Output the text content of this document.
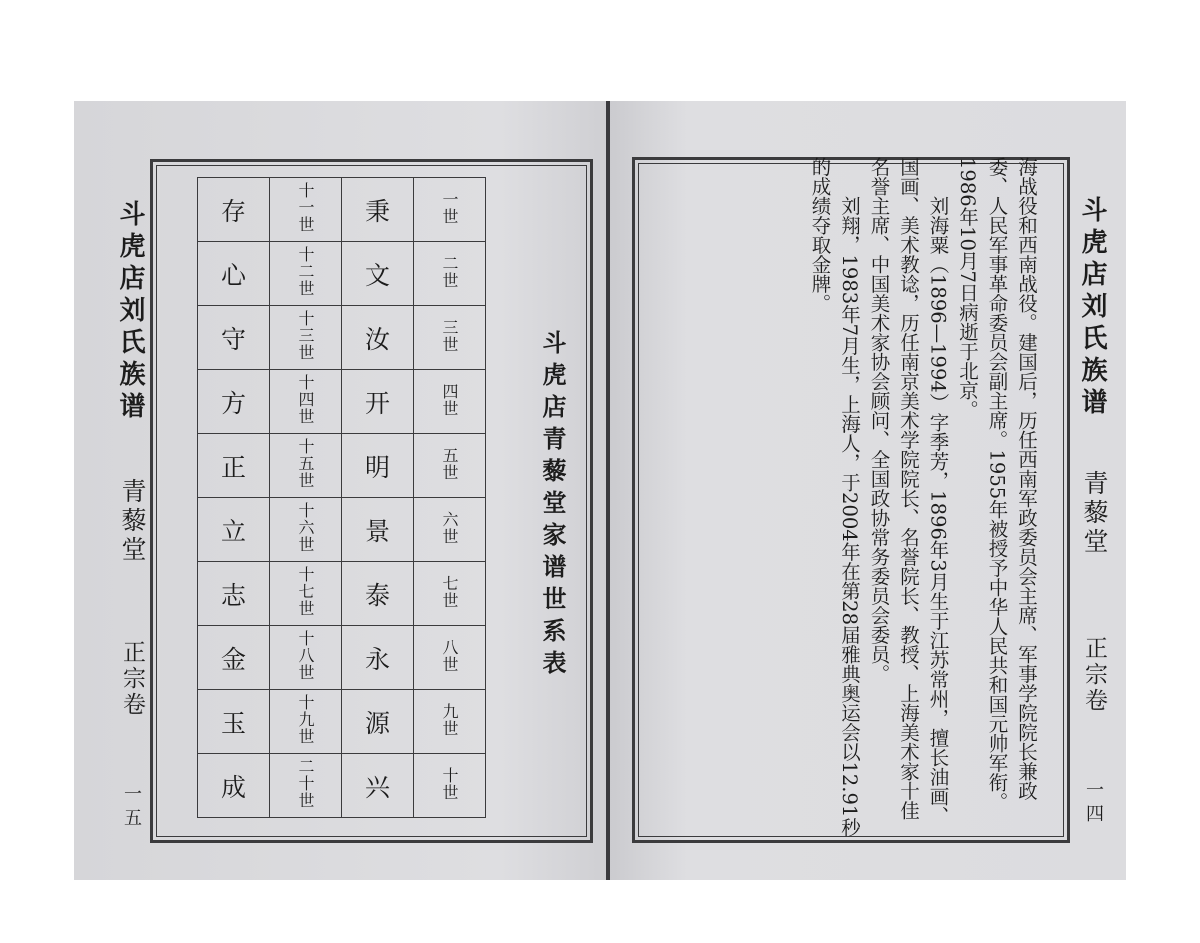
斗虎店刘氏族谱
青藜堂
正宗卷
一五
存	十一世	秉	一世
心	十二世	文	二世
守	十三世	汝	三世
方	十四世	开	四世
正	十五世	明	五世
立	十六世	景	六世
志	十七世	泰	七世
金	十八世	永	八世
玉	十九世	源	九世
成	二十世	兴	十世
斗虎店青藜堂家谱世系表	海战役和西南战役。建国后，历任西南军政委员会主席、军事学院院长兼政委、人民军事革命委员会副主席。1955年被授予中华人民共和国元帅军衔。1986年10月7日病逝于北京。

　　刘海粟（1896—1994）字季芳，1896年3月生于江苏常州，擅长油画、国画、美术教谂，历任南京美术学院院长、名誉院长、教授、上海美术家十佳名誉主席、中国美术家协会顾问、全国政协常务委员会委员。

　　刘翔，1983年7月生，上海人，于2004年在第28届雅典奥运会以12.91秒的成绩夺取金牌。	斗虎店刘氏族谱
青藜堂
正宗卷
一四
